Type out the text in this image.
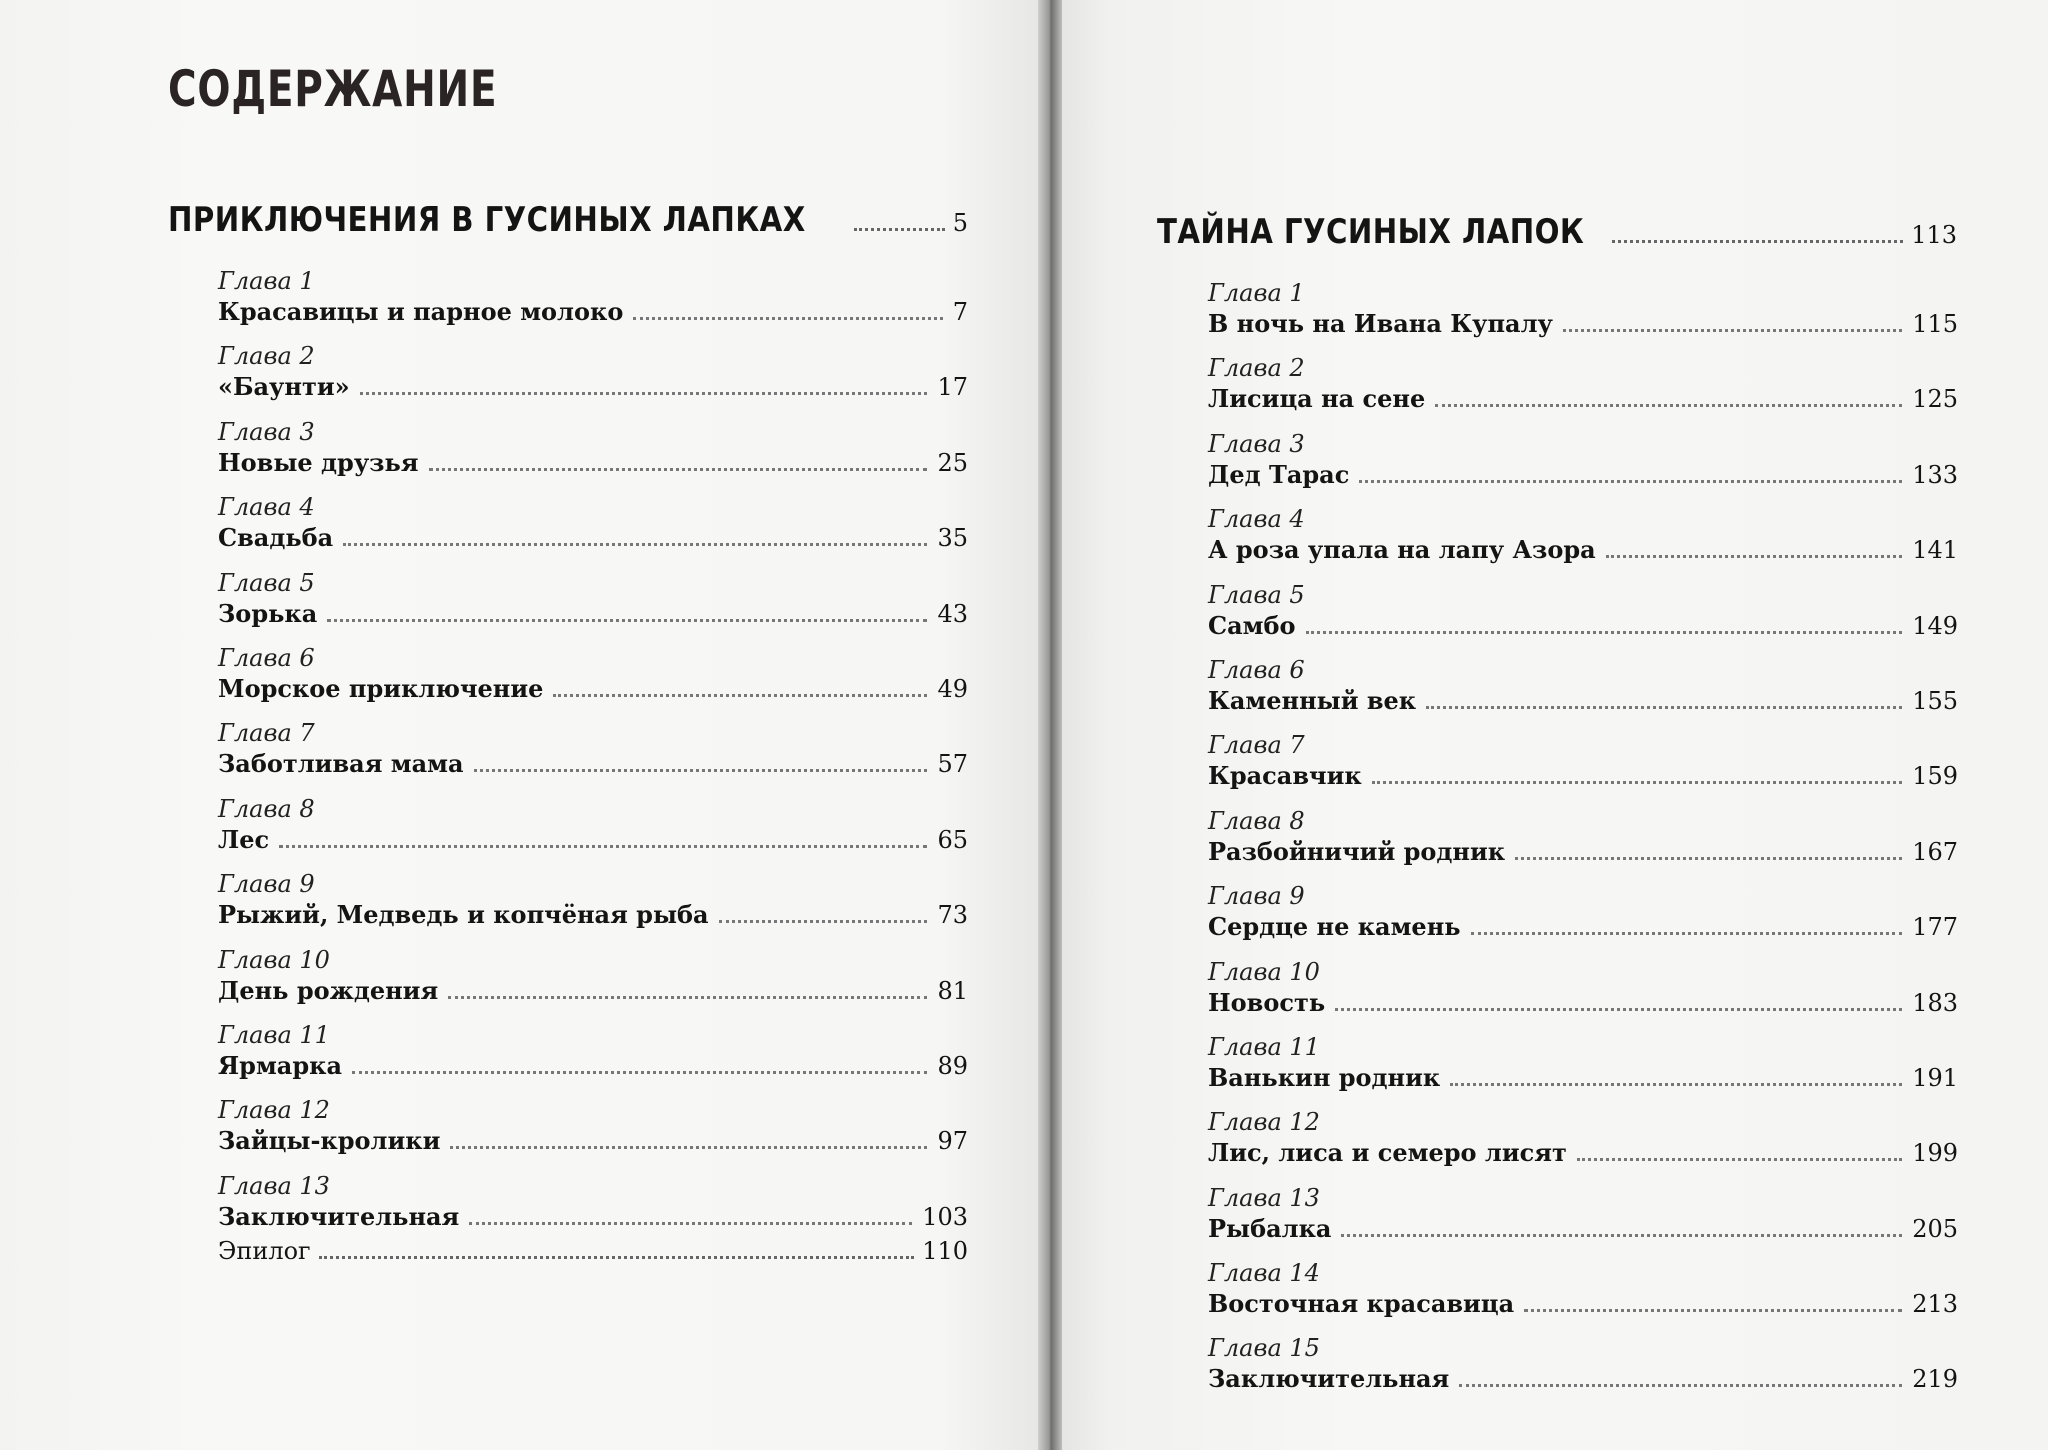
СОДЕРЖАНИЕ
ПРИКЛЮЧЕНИЯ В ГУСИНЫХ ЛАПКАХ	5
Глава 1
Красавицы и парное молоко	7
Глава 2
«Баунти»	17
Глава 3
Новые друзья	25
Глава 4
Свадьба	35
Глава 5
Зорька	43
Глава 6
Морское приключение	49
Глава 7
Заботливая мама	57
Глава 8
Лес	65
Глава 9
Рыжий, Медведь и копчёная рыба	73
Глава 10
День рождения	81
Глава 11
Ярмарка	89
Глава 12
Зайцы-кролики	97
Глава 13
Заключительная	103
Эпилог	110
ТАЙНА ГУСИНЫХ ЛАПОК	113
Глава 1
В ночь на Ивана Купалу	115
Глава 2
Лисица на сене	125
Глава 3
Дед Тарас	133
Глава 4
А роза упала на лапу Азора	141
Глава 5
Самбо	149
Глава 6
Каменный век	155
Глава 7
Красавчик	159
Глава 8
Разбойничий родник	167
Глава 9
Сердце не камень	177
Глава 10
Новость	183
Глава 11
Ванькин родник	191
Глава 12
Лис, лиса и семеро лисят	199
Глава 13
Рыбалка	205
Глава 14
Восточная красавица	213
Глава 15
Заключительная	219
